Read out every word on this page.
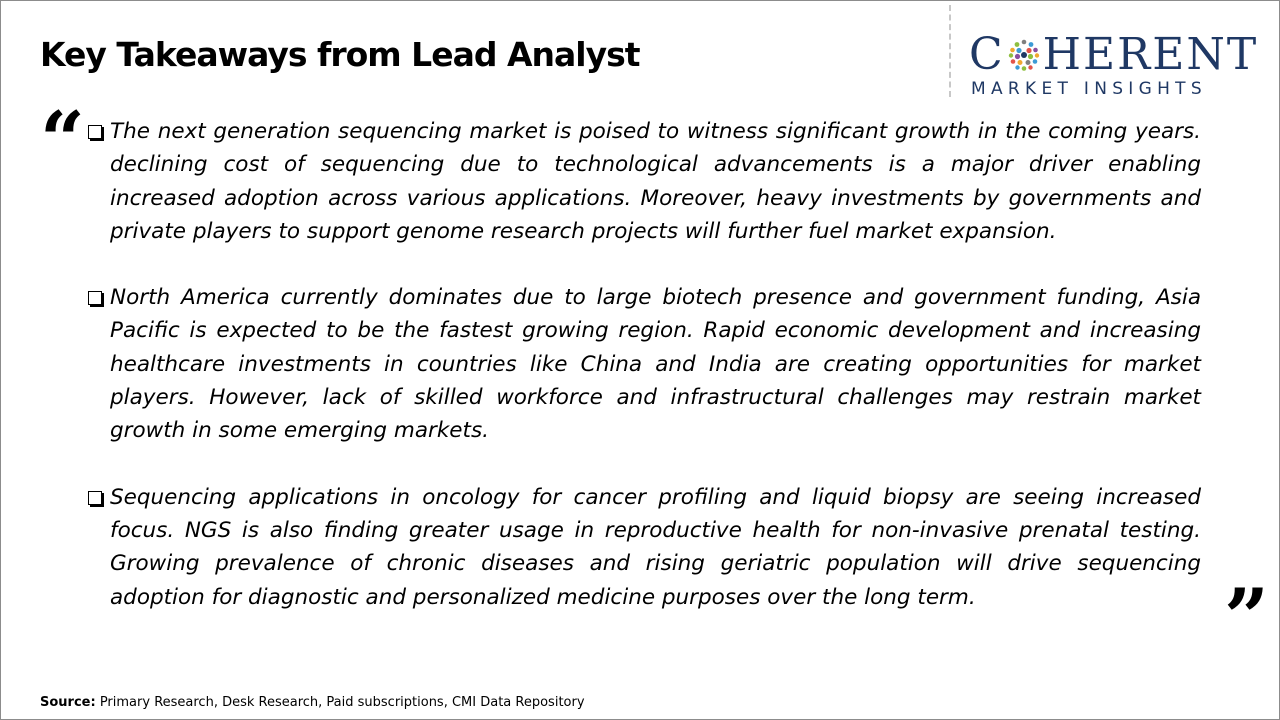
Key Takeaways from Lead Analyst	C HERENT
MARKET INSIGHTS
“	The next generation sequencing market is poised to witness significant growth in the coming years. declining cost of sequencing due to technological advancements is a major driver enabling increased adoption across various applications. Moreover, heavy investments by governments and private players to support genome research projects will further fuel market expansion.

North America currently dominates due to large biotech presence and government funding, Asia Pacific is expected to be the fastest growing region. Rapid economic development and increasing healthcare investments in countries like China and India are creating opportunities for market players. However, lack of skilled workforce and infrastructural challenges may restrain market growth in some emerging markets.

Sequencing applications in oncology for cancer profiling and liquid biopsy are seeing increased focus. NGS is also finding greater usage in reproductive health for non-invasive prenatal testing. Growing prevalence of chronic diseases and rising geriatric population will drive sequencing adoption for diagnostic and personalized medicine purposes over the long term.	”
Source: Primary Research, Desk Research, Paid subscriptions, CMI Data Repository
